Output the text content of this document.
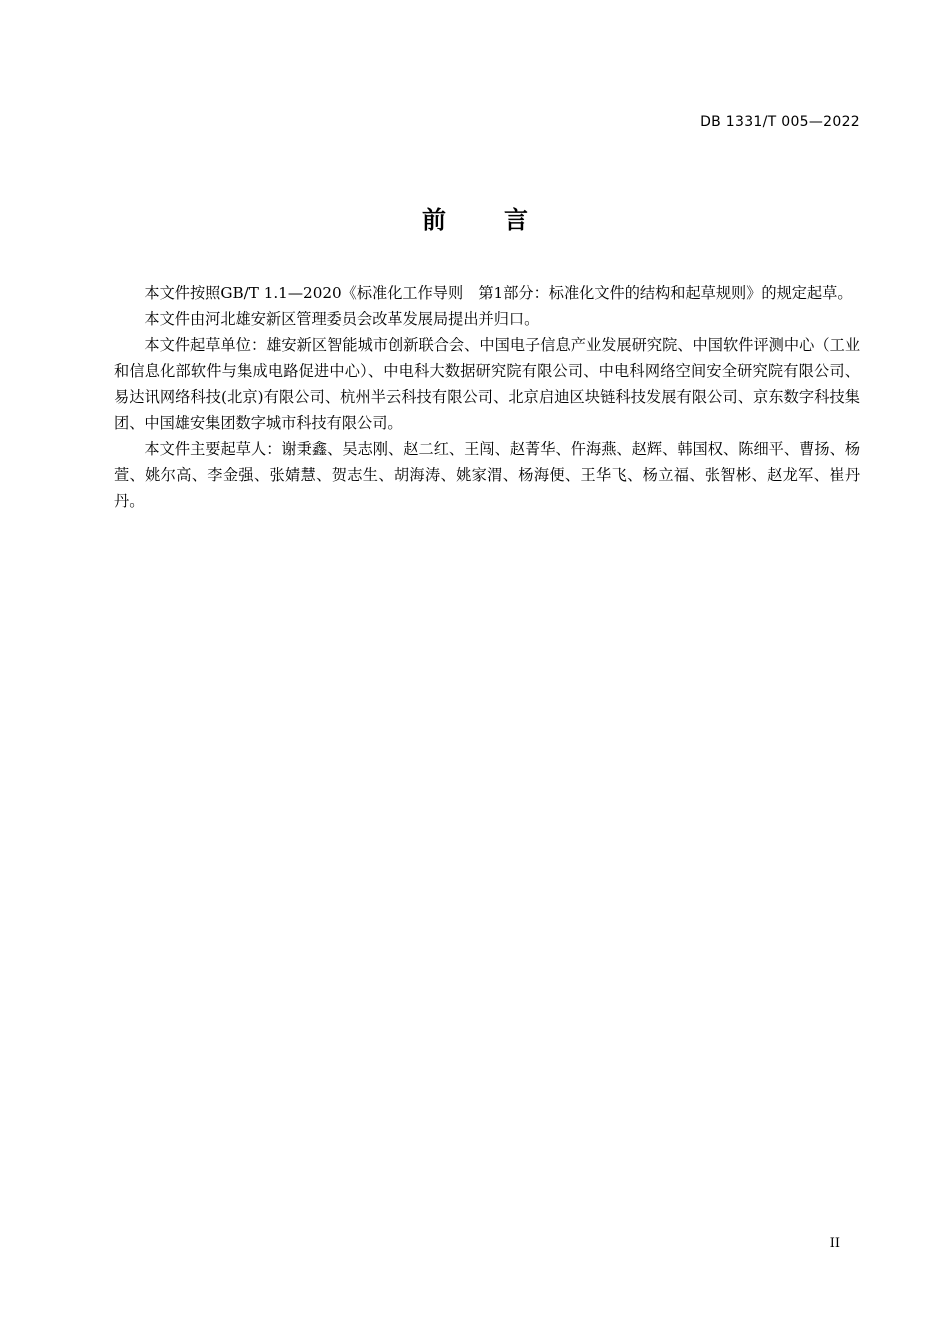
DB 1331/T 005—2022
前 言

本文件按照GB/T 1.1—2020《标准化工作导则　第1部分：标准化文件的结构和起草规则》的规定起草。

本文件由河北雄安新区管理委员会改革发展局提出并归口。

本文件起草单位：雄安新区智能城市创新联合会、中国电子信息产业发展研究院、中国软件评测中心（工业和信息化部软件与集成电路促进中心）、中电科大数据研究院有限公司、中电科网络空间安全研究院有限公司、易达讯网络科技(北京)有限公司、杭州半云科技有限公司、北京启迪区块链科技发展有限公司、京东数字科技集团、中国雄安集团数字城市科技有限公司。

本文件主要起草人：谢秉鑫、吴志刚、赵二红、王闯、赵菁华、仵海燕、赵辉、韩国权、陈细平、曹扬、杨萱、姚尔高、李金强、张婧慧、贺志生、胡海涛、姚家渭、杨海便、王华飞、杨立福、张智彬、赵龙军、崔丹丹。

II
